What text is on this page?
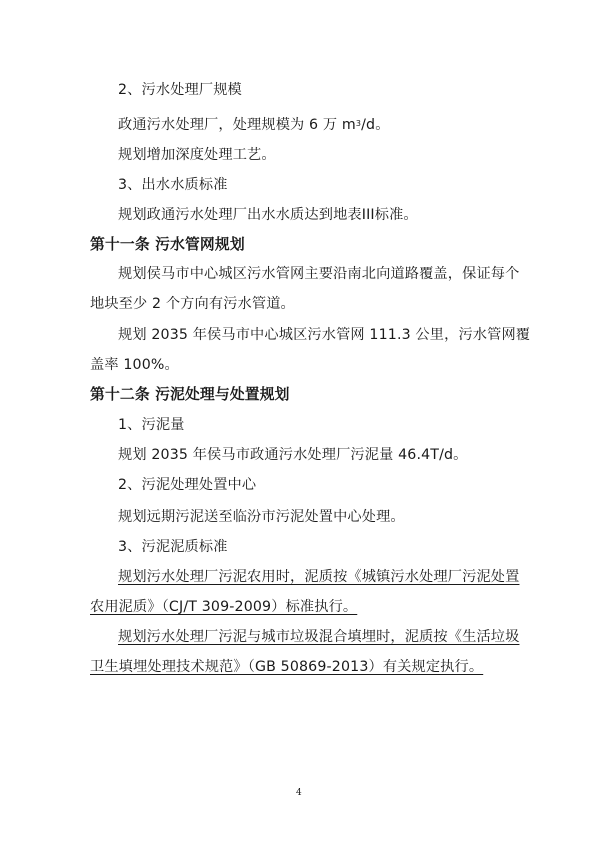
2、污水处理厂规模
政通污水处理厂，处理规模为 6 万 $m^3/d$。
规划增加深度处理工艺。
3、出水水质标准
规划政通污水处理厂出水水质达到地表III标准。
第十一条 污水管网规划
规划侯马市中心城区污水管网主要沿南北向道路覆盖，保证每个
地块至少 2 个方向有污水管道。
规划 2035 年侯马市中心城区污水管网 111.3 公里，污水管网覆
盖率 100%。
第十二条 污泥处理与处置规划
1、污泥量
规划 2035 年侯马市政通污水处理厂污泥量 46.4T/d。
2、污泥处理处置中心
规划远期污泥送至临汾市污泥处置中心处理。
3、污泥泥质标准
规划污水处理厂污泥农用时，泥质按《城镇污水处理厂污泥处置
农用泥质》（CJ/T 309-2009）标准执行。
规划污水处理厂污泥与城市垃圾混合填埋时，泥质按《生活垃圾
卫生填埋处理技术规范》（GB 50869-2013）有关规定执行。
4
